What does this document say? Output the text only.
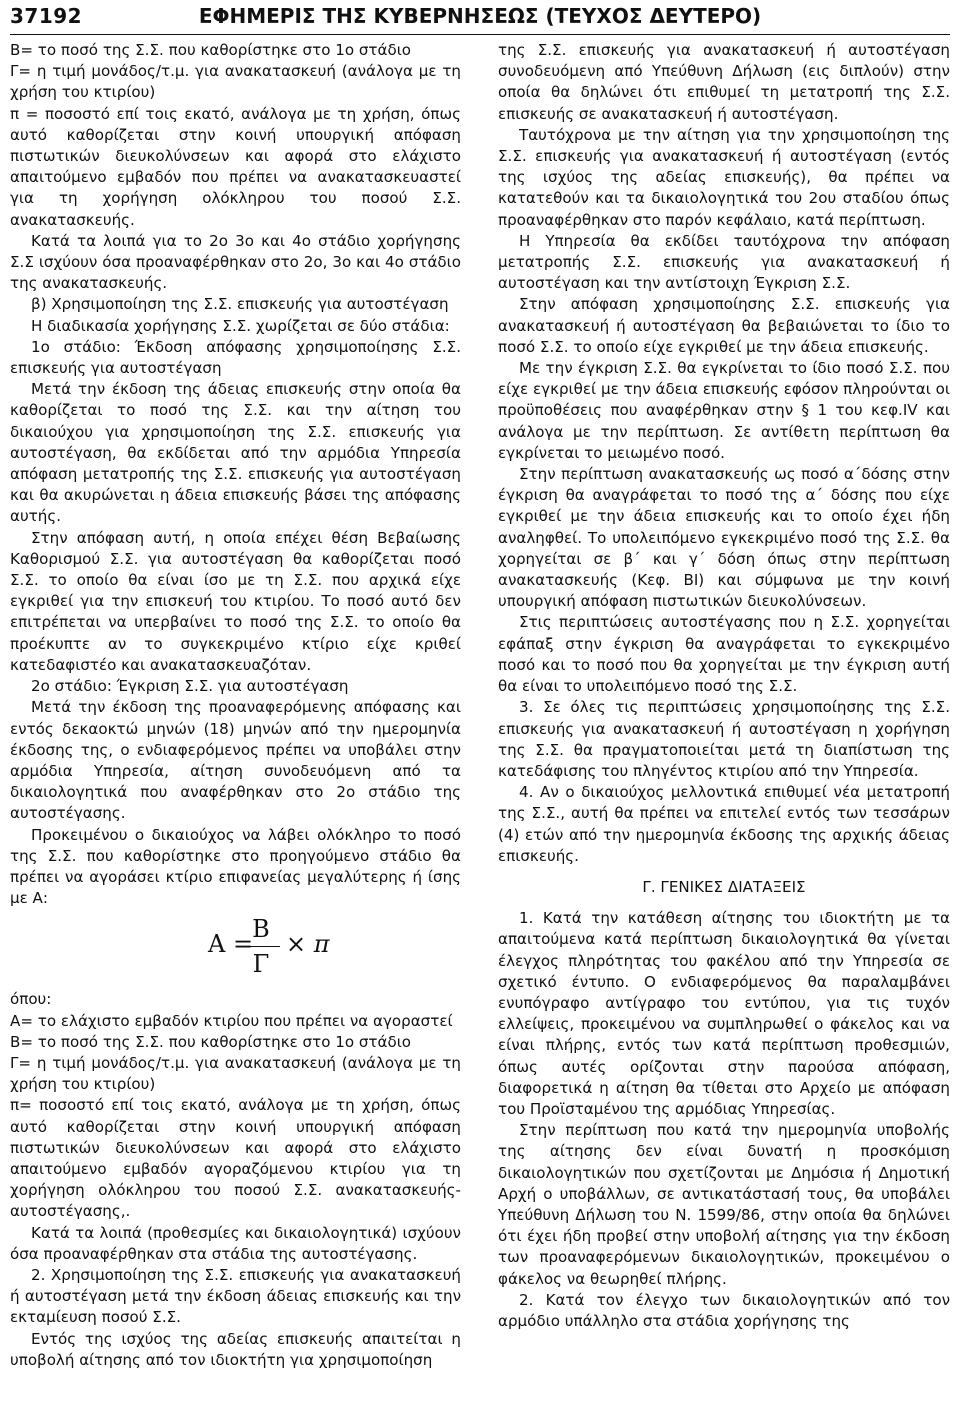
37192	ΕΦΗΜΕΡΙΣ ΤΗΣ ΚΥΒΕΡΝΗΣΕΩΣ (ΤΕΥΧΟΣ ΔΕΥΤΕΡΟ)

Β= το ποσό της Σ.Σ. που καθορίστηκε στο 1ο στάδιο

Γ= η τιμή μονάδος/τ.μ. για ανακατασκευή (ανάλογα με τη χρήση του κτιρίου)

π = ποσοστό επί τοις εκατό, ανάλογα με τη χρήση, όπως αυτό καθορίζεται στην κοινή υπουργική απόφαση πιστωτικών διευκολύνσεων και αφορά στο ελάχιστο απαιτούμενο εμβαδόν που πρέπει να ανακατασκευαστεί για τη χορήγηση ολόκληρου του ποσού Σ.Σ. ανακατασκευής.

Κατά τα λοιπά για το 2ο 3ο και 4ο στάδιο χορήγησης Σ.Σ ισχύουν όσα προαναφέρθηκαν στο 2ο, 3ο και 4ο στάδιο της ανακατασκευής.

β) Χρησιμοποίηση της Σ.Σ. επισκευής για αυτοστέγαση

Η διαδικασία χορήγησης Σ.Σ. χωρίζεται σε δύο στάδια:

1ο στάδιο: Έκδοση απόφασης χρησιμοποίησης Σ.Σ. επισκευής για αυτοστέγαση

Μετά την έκδοση της άδειας επισκευής στην οποία θα καθορίζεται το ποσό της Σ.Σ. και την αίτηση του δικαιούχου για χρησιμοποίηση της Σ.Σ. επισκευής για αυτοστέγαση, θα εκδίδεται από την αρμόδια Υπηρεσία απόφαση μετατροπής της Σ.Σ. επισκευής για αυτοστέγαση και θα ακυρώνεται η άδεια επισκευής βάσει της απόφασης αυτής.

Στην απόφαση αυτή, η οποία επέχει θέση Βεβαίωσης Καθορισμού Σ.Σ. για αυτοστέγαση θα καθορίζεται ποσό Σ.Σ. το οποίο θα είναι ίσο με τη Σ.Σ. που αρχικά είχε εγκριθεί για την επισκευή του κτιρίου. Το ποσό αυτό δεν επιτρέπεται να υπερβαίνει το ποσό της Σ.Σ. το οποίο θα προέκυπτε αν το συγκεκριμένο κτίριο είχε κριθεί κατεδαφιστέο και ανακατασκευαζόταν.

2ο στάδιο: Έγκριση Σ.Σ. για αυτοστέγαση

Μετά την έκδοση της προαναφερόμενης απόφασης και εντός δεκαοκτώ μηνών (18) μηνών από την ημερομηνία έκδοσης της, ο ενδιαφερόμενος πρέπει να υποβάλει στην αρμόδια Υπηρεσία, αίτηση συνοδευόμενη από τα δικαιολογητικά που αναφέρθηκαν στο 2ο στάδιο της αυτοστέγασης.

Προκειμένου ο δικαιούχος να λάβει ολόκληρο το ποσό της Σ.Σ. που καθορίστηκε στο προηγούμενο στάδιο θα πρέπει να αγοράσει κτίριο επιφανείας μεγαλύτερης ή ίσης με Α:

Α =
Β
Γ
× π

όπου:

Α= το ελάχιστο εμβαδόν κτιρίου που πρέπει να αγοραστεί

Β= το ποσό της Σ.Σ. που καθορίστηκε στο 1ο στάδιο

Γ= η τιμή μονάδος/τ.μ. για ανακατασκευή (ανάλογα με τη χρήση του κτιρίου)

π= ποσοστό επί τοις εκατό, ανάλογα με τη χρήση, όπως αυτό καθορίζεται στην κοινή υπουργική απόφαση πιστωτικών διευκολύνσεων και αφορά στο ελάχιστο απαιτούμενο εμβαδόν αγοραζόμενου κτιρίου για τη χορήγηση ολόκληρου του ποσού Σ.Σ. ανακατασκευής-αυτοστέγασης,.

Κατά τα λοιπά (προθεσμίες και δικαιολογητικά) ισχύουν όσα προαναφέρθηκαν στα στάδια της αυτοστέγασης.

2. Χρησιμοποίηση της Σ.Σ. επισκευής για ανακατασκευή ή αυτοστέγαση μετά την έκδοση άδειας επισκευής και την εκταμίευση ποσού Σ.Σ.

Εντός της ισχύος της αδείας επισκευής απαιτείται η υποβολή αίτησης από τον ιδιοκτήτη για χρησιμοποίηση

της Σ.Σ. επισκευής για ανακατασκευή ή αυτοστέγαση συνοδευόμενη από Υπεύθυνη Δήλωση (εις διπλούν) στην οποία θα δηλώνει ότι επιθυμεί τη μετατροπή της Σ.Σ. επισκευής σε ανακατασκευή ή αυτοστέγαση.

Ταυτόχρονα με την αίτηση για την χρησιμοποίηση της Σ.Σ. επισκευής για ανακατασκευή ή αυτοστέγαση (εντός της ισχύος της αδείας επισκευής), θα πρέπει να κατατεθούν και τα δικαιολογητικά του 2ου σταδίου όπως προαναφέρθηκαν στο παρόν κεφάλαιο, κατά περίπτωση.

Η Υπηρεσία θα εκδίδει ταυτόχρονα την απόφαση μετατροπής Σ.Σ. επισκευής για ανακατασκευή ή αυτοστέγαση και την αντίστοιχη Έγκριση Σ.Σ.

Στην απόφαση χρησιμοποίησης Σ.Σ. επισκευής για ανακατασκευή ή αυτοστέγαση θα βεβαιώνεται το ίδιο το ποσό Σ.Σ. το οποίο είχε εγκριθεί με την άδεια επισκευής.

Με την έγκριση Σ.Σ. θα εγκρίνεται το ίδιο ποσό Σ.Σ. που είχε εγκριθεί με την άδεια επισκευής εφόσον πληρούνται οι προϋποθέσεις που αναφέρθηκαν στην § 1 του κεφ.IV και ανάλογα με την περίπτωση. Σε αντίθετη περίπτωση θα εγκρίνεται το μειωμένο ποσό.

Στην περίπτωση ανακατασκευής ως ποσό α΄δόσης στην έγκριση θα αναγράφεται το ποσό της α΄ δόσης που είχε εγκριθεί με την άδεια επισκευής και το οποίο έχει ήδη αναληφθεί. Το υπολειπόμενο εγκεκριμένο ποσό της Σ.Σ. θα χορηγείται σε β΄ και γ΄ δόση όπως στην περίπτωση ανακατασκευής (Κεφ. ΒΙ) και σύμφωνα με την κοινή υπουργική απόφαση πιστωτικών διευκολύνσεων.

Στις περιπτώσεις αυτοστέγασης που η Σ.Σ. χορηγείται εφάπαξ στην έγκριση θα αναγράφεται το εγκεκριμένο ποσό και το ποσό που θα χορηγείται με την έγκριση αυτή θα είναι το υπολειπόμενο ποσό της Σ.Σ.

3. Σε όλες τις περιπτώσεις χρησιμοποίησης της Σ.Σ. επισκευής για ανακατασκευή ή αυτοστέγαση η χορήγηση της Σ.Σ. θα πραγματοποιείται μετά τη διαπίστωση της κατεδάφισης του πληγέντος κτιρίου από την Υπηρεσία.

4. Αν ο δικαιούχος μελλοντικά επιθυμεί νέα μετατροπή της Σ.Σ., αυτή θα πρέπει να επιτελεί εντός των τεσσάρων (4) ετών από την ημερομηνία έκδοσης της αρχικής άδειας επισκευής.

Γ. ΓΕΝΙΚΕΣ ΔΙΑΤΑΞΕΙΣ

1. Κατά την κατάθεση αίτησης του ιδιοκτήτη με τα απαιτούμενα κατά περίπτωση δικαιολογητικά θα γίνεται έλεγχος πληρότητας του φακέλου από την Υπηρεσία σε σχετικό έντυπο. Ο ενδιαφερόμενος θα παραλαμβάνει ενυπόγραφο αντίγραφο του εντύπου, για τις τυχόν ελλείψεις, προκειμένου να συμπληρωθεί ο φάκελος και να είναι πλήρης, εντός των κατά περίπτωση προθεσμιών, όπως αυτές ορίζονται στην παρούσα απόφαση, διαφορετικά η αίτηση θα τίθεται στο Αρχείο με απόφαση του Προϊσταμένου της αρμόδιας Υπηρεσίας.

Στην περίπτωση που κατά την ημερομηνία υποβολής της αίτησης δεν είναι δυνατή η προσκόμιση δικαιολογητικών που σχετίζονται με Δημόσια ή Δημοτική Αρχή ο υποβάλλων, σε αντικατάστασή τους, θα υποβάλει Υπεύθυνη Δήλωση του Ν. 1599/86, στην οποία θα δηλώνει ότι έχει ήδη προβεί στην υποβολή αίτησης για την έκδοση των προαναφερόμενων δικαιολογητικών, προκειμένου ο φάκελος να θεωρηθεί πλήρης.

2. Κατά τον έλεγχο των δικαιολογητικών από τον αρμόδιο υπάλληλο στα στάδια χορήγησης της
